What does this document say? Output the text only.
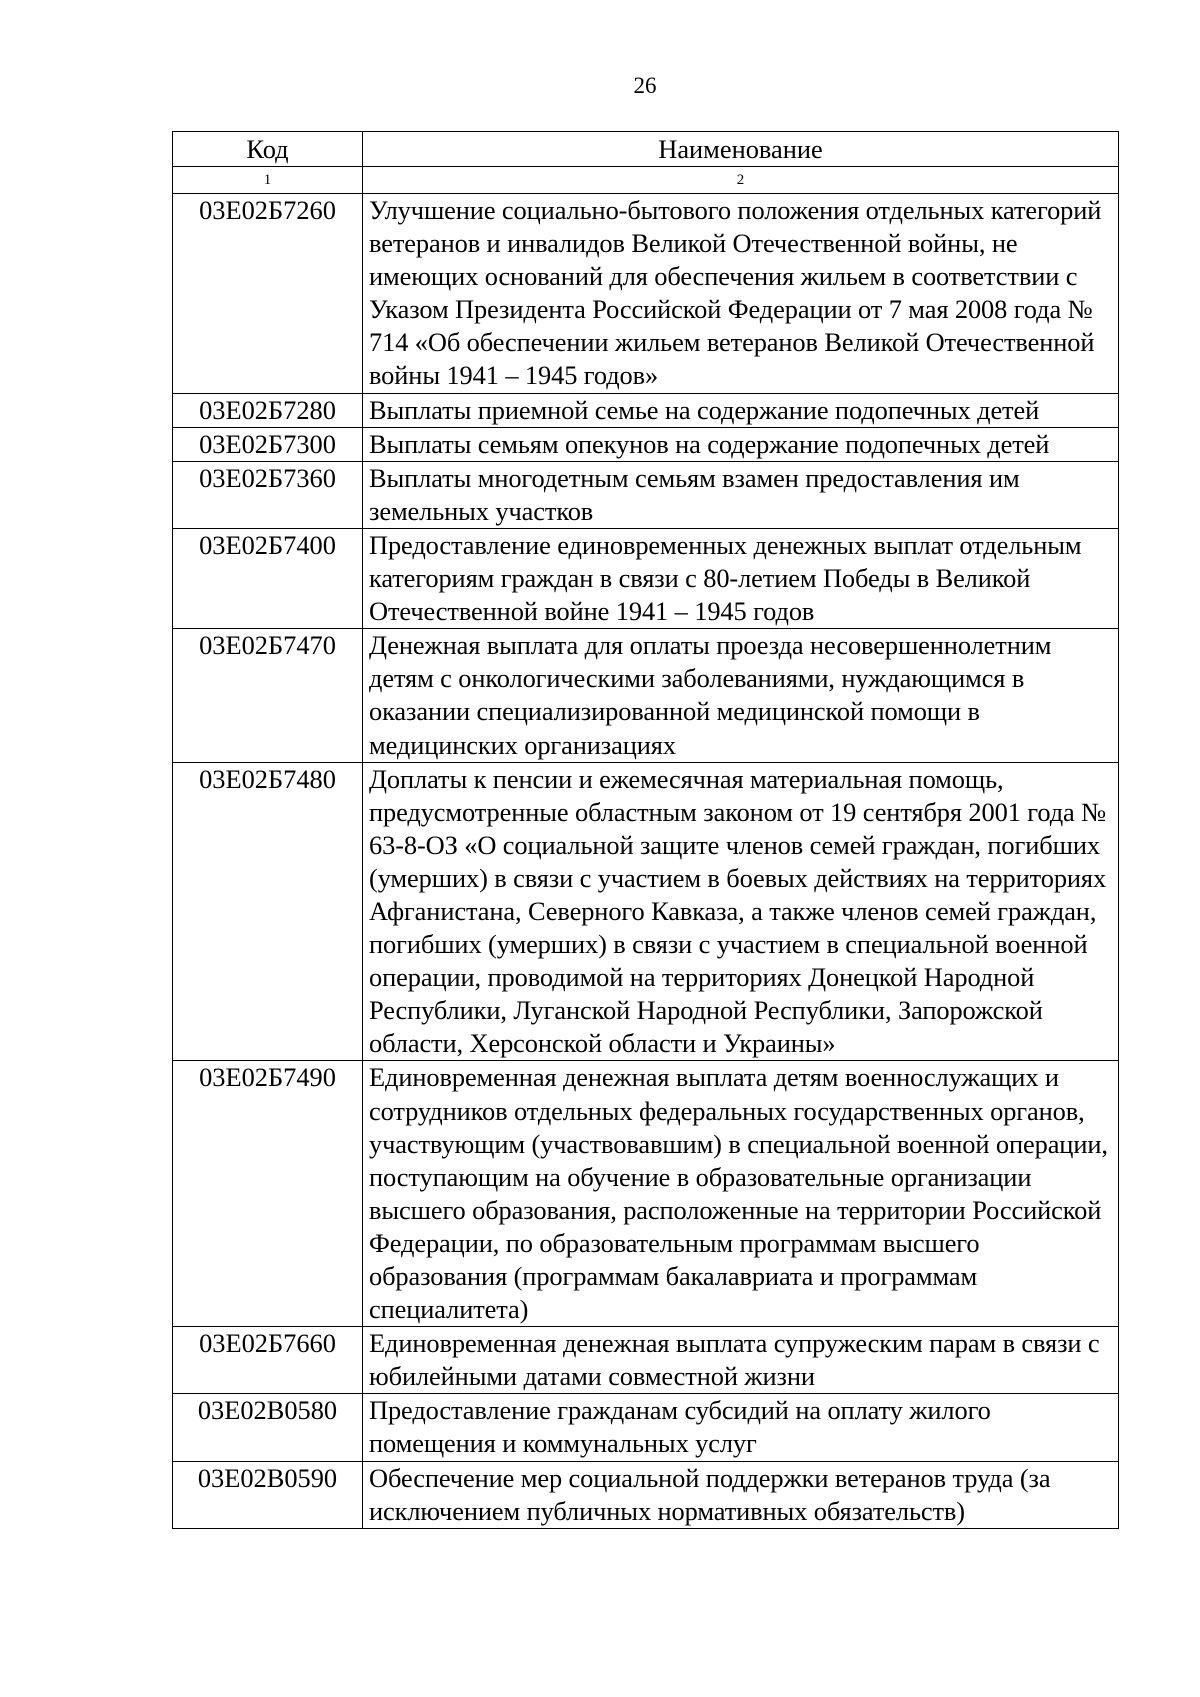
26
Код	Наименование
1	2
03Е02Б7260	Улучшение социально-бытового положения отдельных категорий ветеранов и инвалидов Великой Отечественной войны, не имеющих оснований для обеспечения жильем в соответствии с Указом Президента Российской Федерации от 7 мая 2008 года № 714 «Об обеспечении жильем ветеранов Великой Отечественной войны 1941 – 1945 годов»
03Е02Б7280	Выплаты приемной семье на содержание подопечных детей
03Е02Б7300	Выплаты семьям опекунов на содержание подопечных детей
03Е02Б7360	Выплаты многодетным семьям взамен предоставления им земельных участков
03Е02Б7400	Предоставление единовременных денежных выплат отдельным категориям граждан в связи с 80-летием Победы в Великой Отечественной войне 1941 – 1945 годов
03Е02Б7470	Денежная выплата для оплаты проезда несовершеннолетним детям с онкологическими заболеваниями, нуждающимся в оказании специализированной медицинской помощи в медицинских организациях
03Е02Б7480	Доплаты к пенсии и ежемесячная материальная помощь, предусмотренные областным законом от 19 сентября 2001 года № 63-8-ОЗ «О социальной защите членов семей граждан, погибших (умерших) в связи с участием в боевых действиях на территориях Афганистана, Северного Кавказа, а также членов семей граждан, погибших (умерших) в связи с участием в специальной военной операции, проводимой на территориях Донецкой Народной Республики, Луганской Народной Республики, Запорожской области, Херсонской области и Украины»
03Е02Б7490	Единовременная денежная выплата детям военнослужащих и сотрудников отдельных федеральных государственных органов, участвующим (участвовавшим) в специальной военной операции, поступающим на обучение в образовательные организации высшего образования, расположенные на территории Российской Федерации, по образовательным программам высшего образования (программам бакалавриата и программам специалитета)
03Е02Б7660	Единовременная денежная выплата супружеским парам в связи с юбилейными датами совместной жизни
03Е02В0580	Предоставление гражданам субсидий на оплату жилого помещения и коммунальных услуг
03Е02В0590	Обеспечение мер социальной поддержки ветеранов труда (за исключением публичных нормативных обязательств)
